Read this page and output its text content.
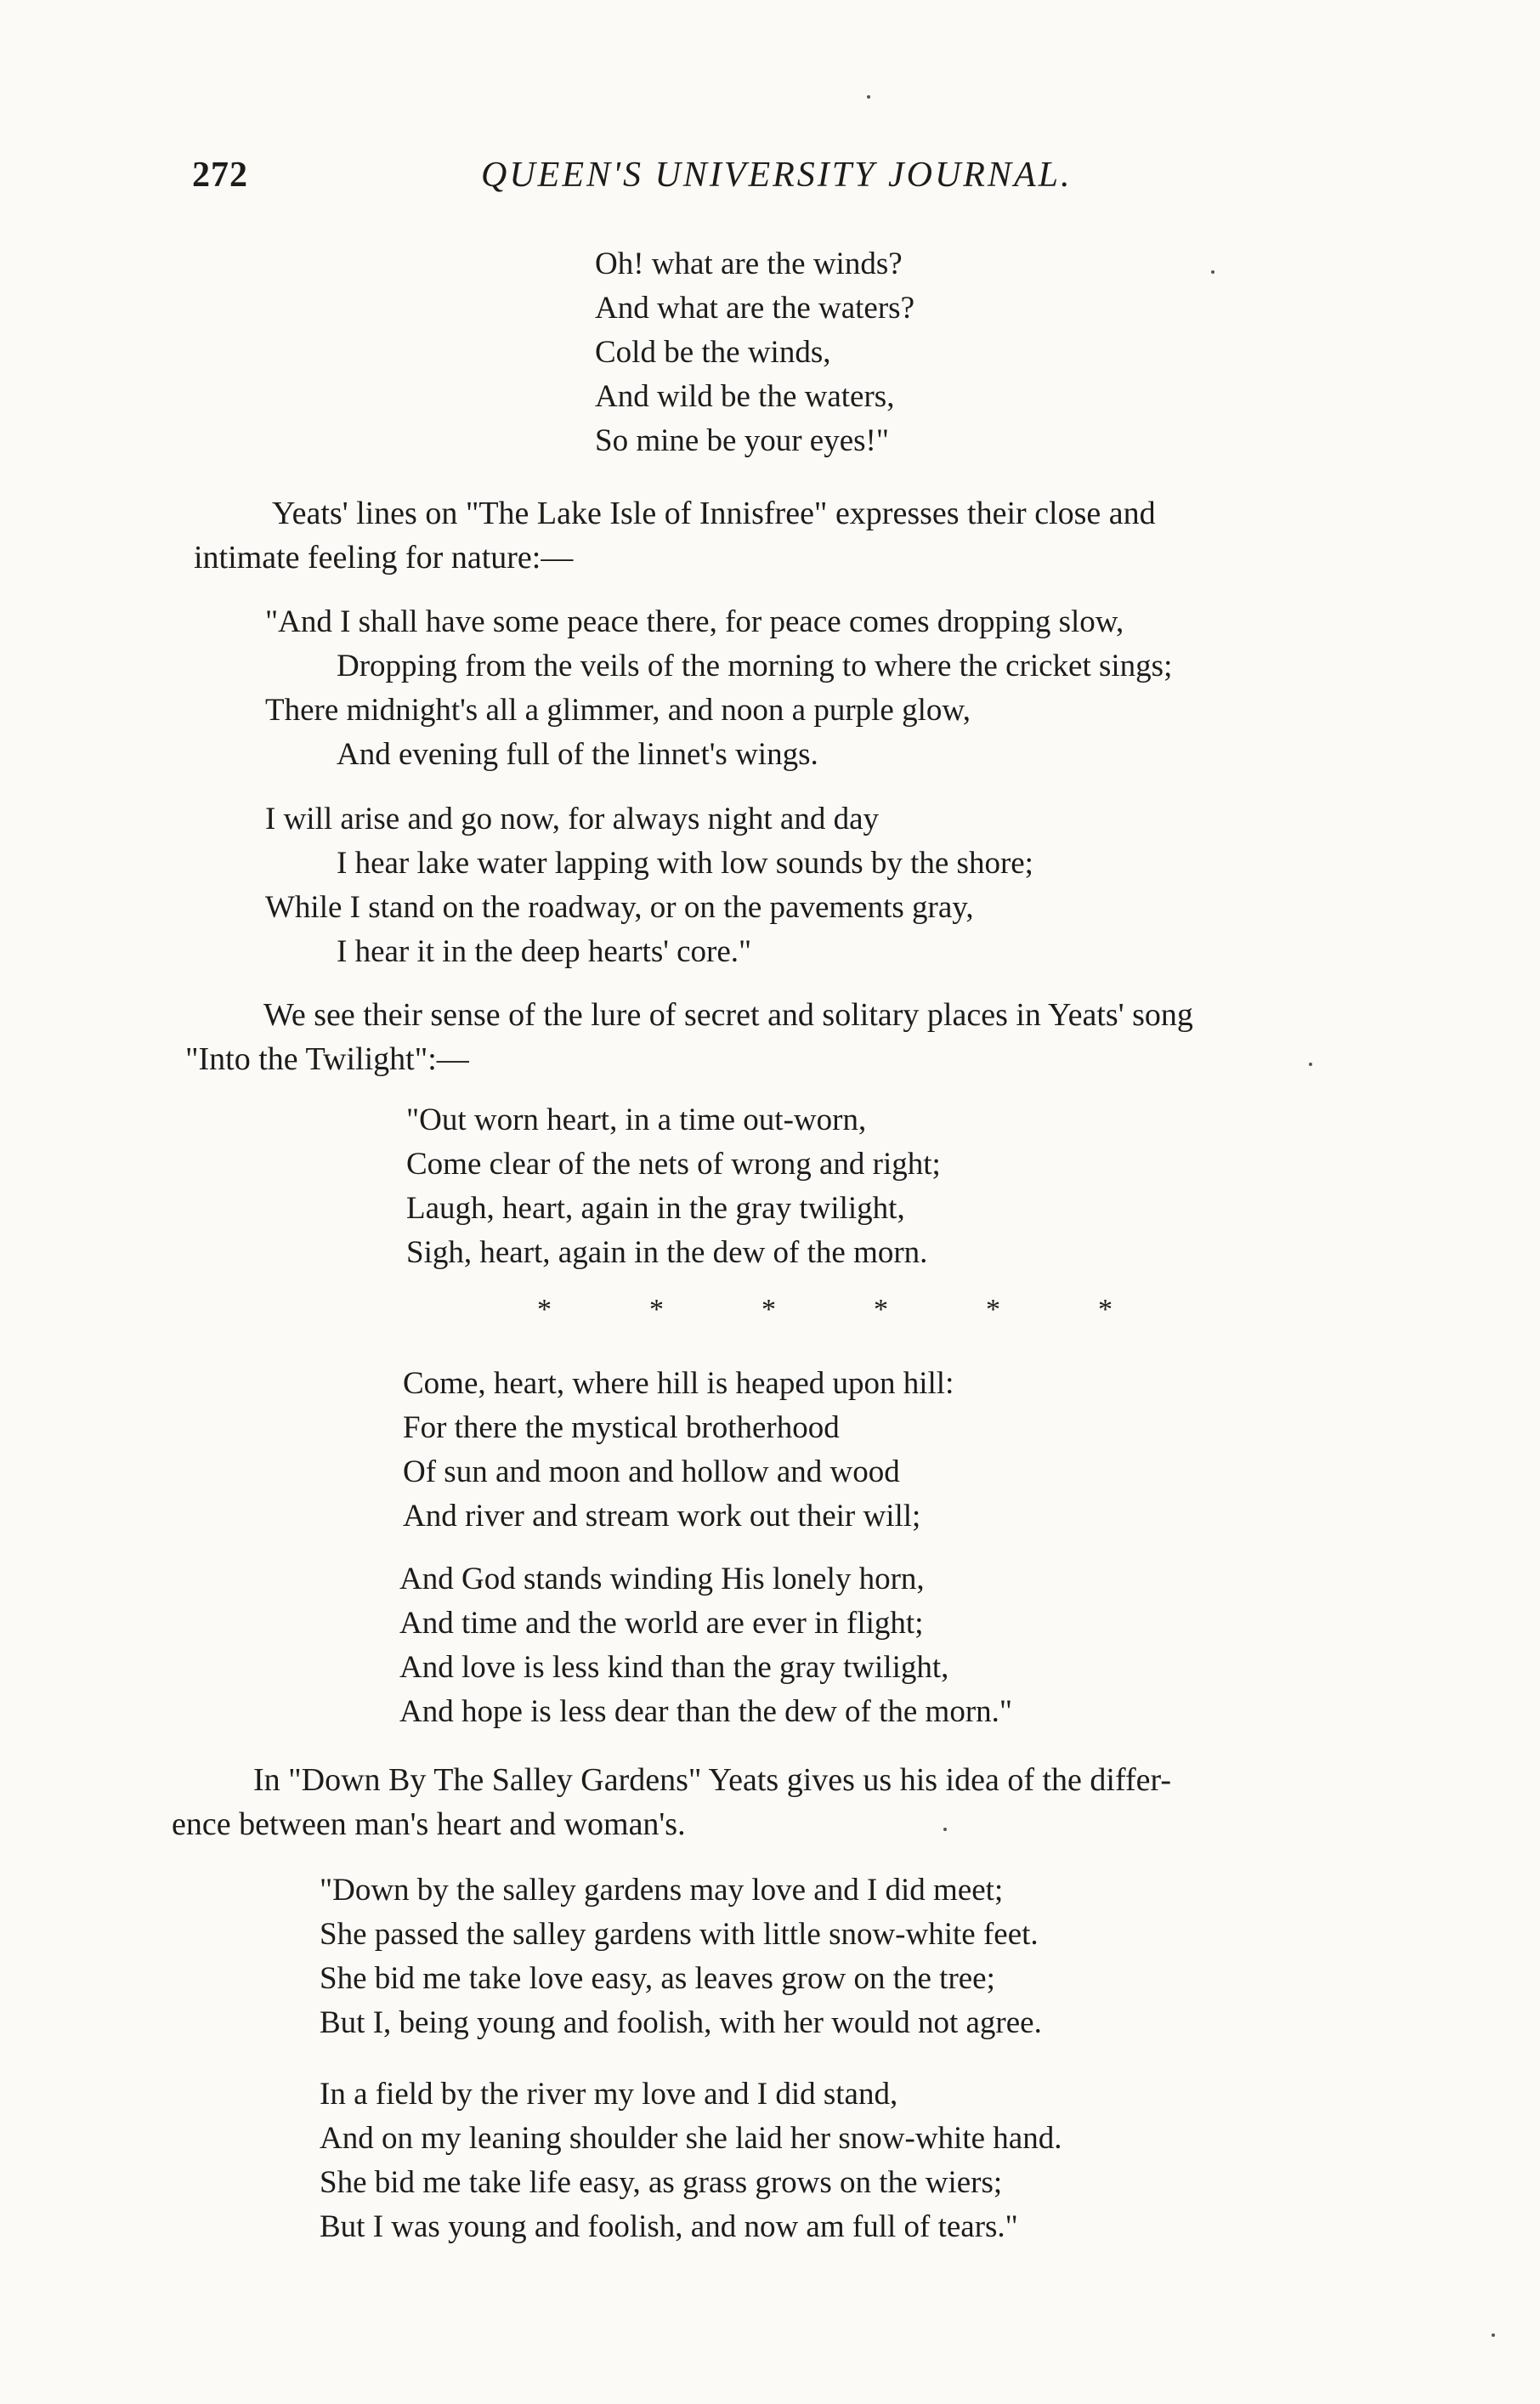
272	QUEEN'S UNIVERSITY JOURNAL.
Oh! what are the winds?
And what are the waters?
Cold be the winds,
And wild be the waters,
So mine be your eyes!"
Yeats' lines on "The Lake Isle of Innisfree" expresses their close and
intimate feeling for nature:—
"And I shall have some peace there, for peace comes dropping slow,
Dropping from the veils of the morning to where the cricket sings;
There midnight's all a glimmer, and noon a purple glow,
And evening full of the linnet's wings.
I will arise and go now, for always night and day
I hear lake water lapping with low sounds by the shore;
While I stand on the roadway, or on the pavements gray,
I hear it in the deep hearts' core."
We see their sense of the lure of secret and solitary places in Yeats' song
"Into the Twilight":—
"Out worn heart, in a time out-worn,
Come clear of the nets of wrong and right;
Laugh, heart, again in the gray twilight,
Sigh, heart, again in the dew of the morn.
*	*	*	*	*	*
Come, heart, where hill is heaped upon hill:
For there the mystical brotherhood
Of sun and moon and hollow and wood
And river and stream work out their will;
And God stands winding His lonely horn,
And time and the world are ever in flight;
And love is less kind than the gray twilight,
And hope is less dear than the dew of the morn."
In "Down By The Salley Gardens" Yeats gives us his idea of the differ-
ence between man's heart and woman's.
"Down by the salley gardens may love and I did meet;
She passed the salley gardens with little snow-white feet.
She bid me take love easy, as leaves grow on the tree;
But I, being young and foolish, with her would not agree.
In a field by the river my love and I did stand,
And on my leaning shoulder she laid her snow-white hand.
She bid me take life easy, as grass grows on the wiers;
But I was young and foolish, and now am full of tears."
